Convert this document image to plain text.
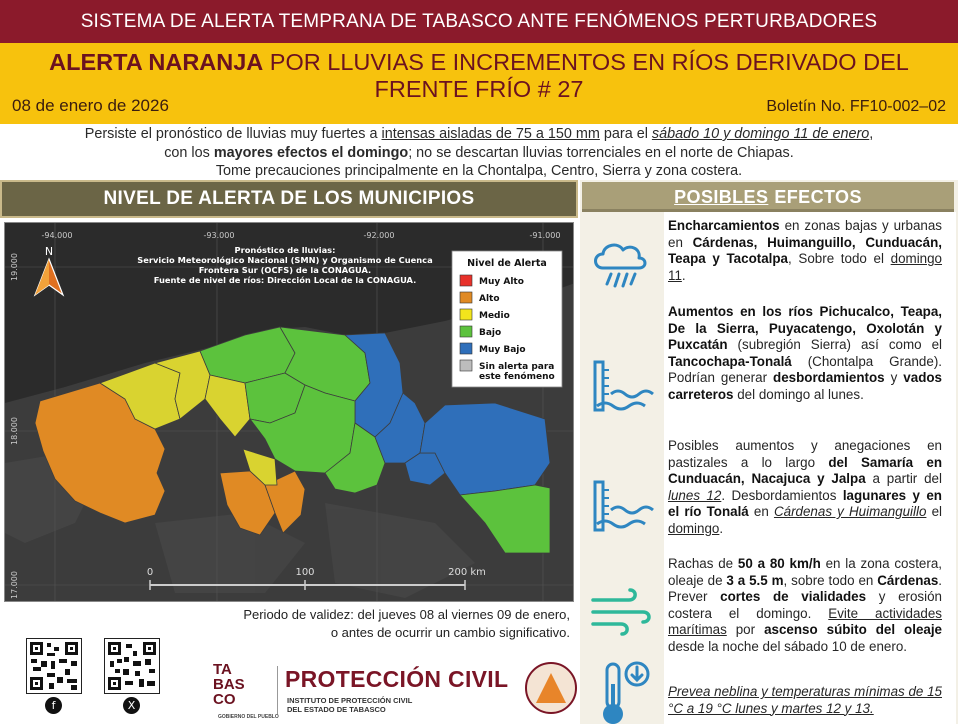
SISTEMA DE ALERTA TEMPRANA DE TABASCO ANTE FENÓMENOS PERTURBADORES
ALERTA NARANJA POR LLUVIAS E INCREMENTOS EN RÍOS DERIVADO DEL
FRENTE FRÍO # 27
08 de enero de 2026	Boletín No. FF10-002–02
Persiste el pronóstico de lluvias muy fuertes a intensas aisladas de 75 a 150 mm para el sábado 10 y domingo 11 de enero,
con los mayores efectos el domingo; no se descartan lluvias torrenciales en el norte de Chiapas.
Tome precauciones principalmente en la Chontalpa, Centro, Sierra y zona costera.
NIVEL DE ALERTA DE LOS MUNICIPIOS
0	100	200 km
-94.000	-93.000	-92.000	-91.000
19.000
18.000
17.000
N	Pronóstico de lluvias:
Servicio Meteorológico Nacional (SMN) y Organismo de Cuenca
Frontera Sur (OCFS) de la CONAGUA.
Fuente de nivel de ríos: Dirección Local de la CONAGUA.
Nivel de Alerta
Muy Alto
Alto
Medio
Bajo
Muy Bajo
Sin alerta para
este fenómeno
Periodo de validez: del jueves 08 al viernes 09 de enero,
o antes de ocurrir un cambio significativo.
f	X
TA
BAS
CO
GOBIERNO DEL PUEBLO
PROTECCIÓN CIVIL
INSTITUTO DE PROTECCIÓN CIVIL
DEL ESTADO DE TABASCO
POSIBLES EFECTOS
Encharcamientos en zonas bajas y urbanas en Cárdenas, Huimanguillo, Cunduacán, Teapa y Tacotalpa, Sobre todo el domingo 11.
Aumentos en los ríos Pichucalco, Teapa, De la Sierra, Puyacatengo, Oxolotán y Puxcatán (subregión Sierra) así como el Tancochapa-Tonalá (Chontalpa Grande). Podrían generar desbordamientos y vados carreteros del domingo al lunes.
Posibles aumentos y anegaciones en pastizales a lo largo del Samaría en Cunduacán, Nacajuca y Jalpa a partir del lunes 12. Desbordamientos lagunares y en el río Tonalá en Cárdenas y Huimanguillo el domingo.
Rachas de 50 a 80 km/h en la zona costera, oleaje de 3 a 5.5 m, sobre todo en Cárdenas. Prever cortes de vialidades y erosión costera el domingo. Evite actividades marítimas por ascenso súbito del oleaje desde la noche del sábado 10 de enero.
Prevea neblina y temperaturas mínimas de 15 °C a 19 °C lunes y martes 12 y 13.
